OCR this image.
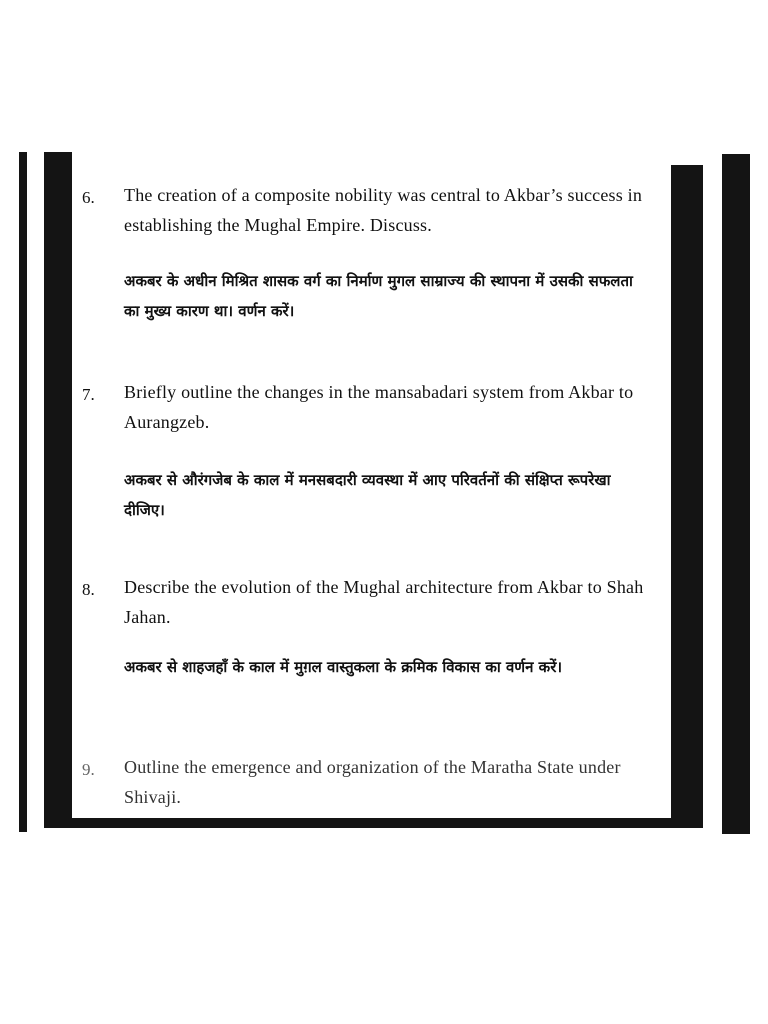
6. The creation of a composite nobility was central to Akbar’s success in establishing the Mughal Empire. Discuss.
अकबर के अधीन मिश्रित शासक वर्ग का निर्माण मुगल साम्राज्य की स्थापना में उसकी सफलता का मुख्य कारण था। वर्णन करें।
7. Briefly outline the changes in the mansabadari system from Akbar to Aurangzeb.
अकबर से औरंगजेब के काल में मनसबदारी व्यवस्था में आए परिवर्तनों की संक्षिप्त रूपरेखा दीजिए।
8. Describe the evolution of the Mughal architecture from Akbar to Shah Jahan.
अकबर से शाहजहाँ के काल में मुग़ल वास्तुकला के क्रमिक विकास का वर्णन करें।
9. Outline the emergence and organization of the Maratha State under Shivaji.
